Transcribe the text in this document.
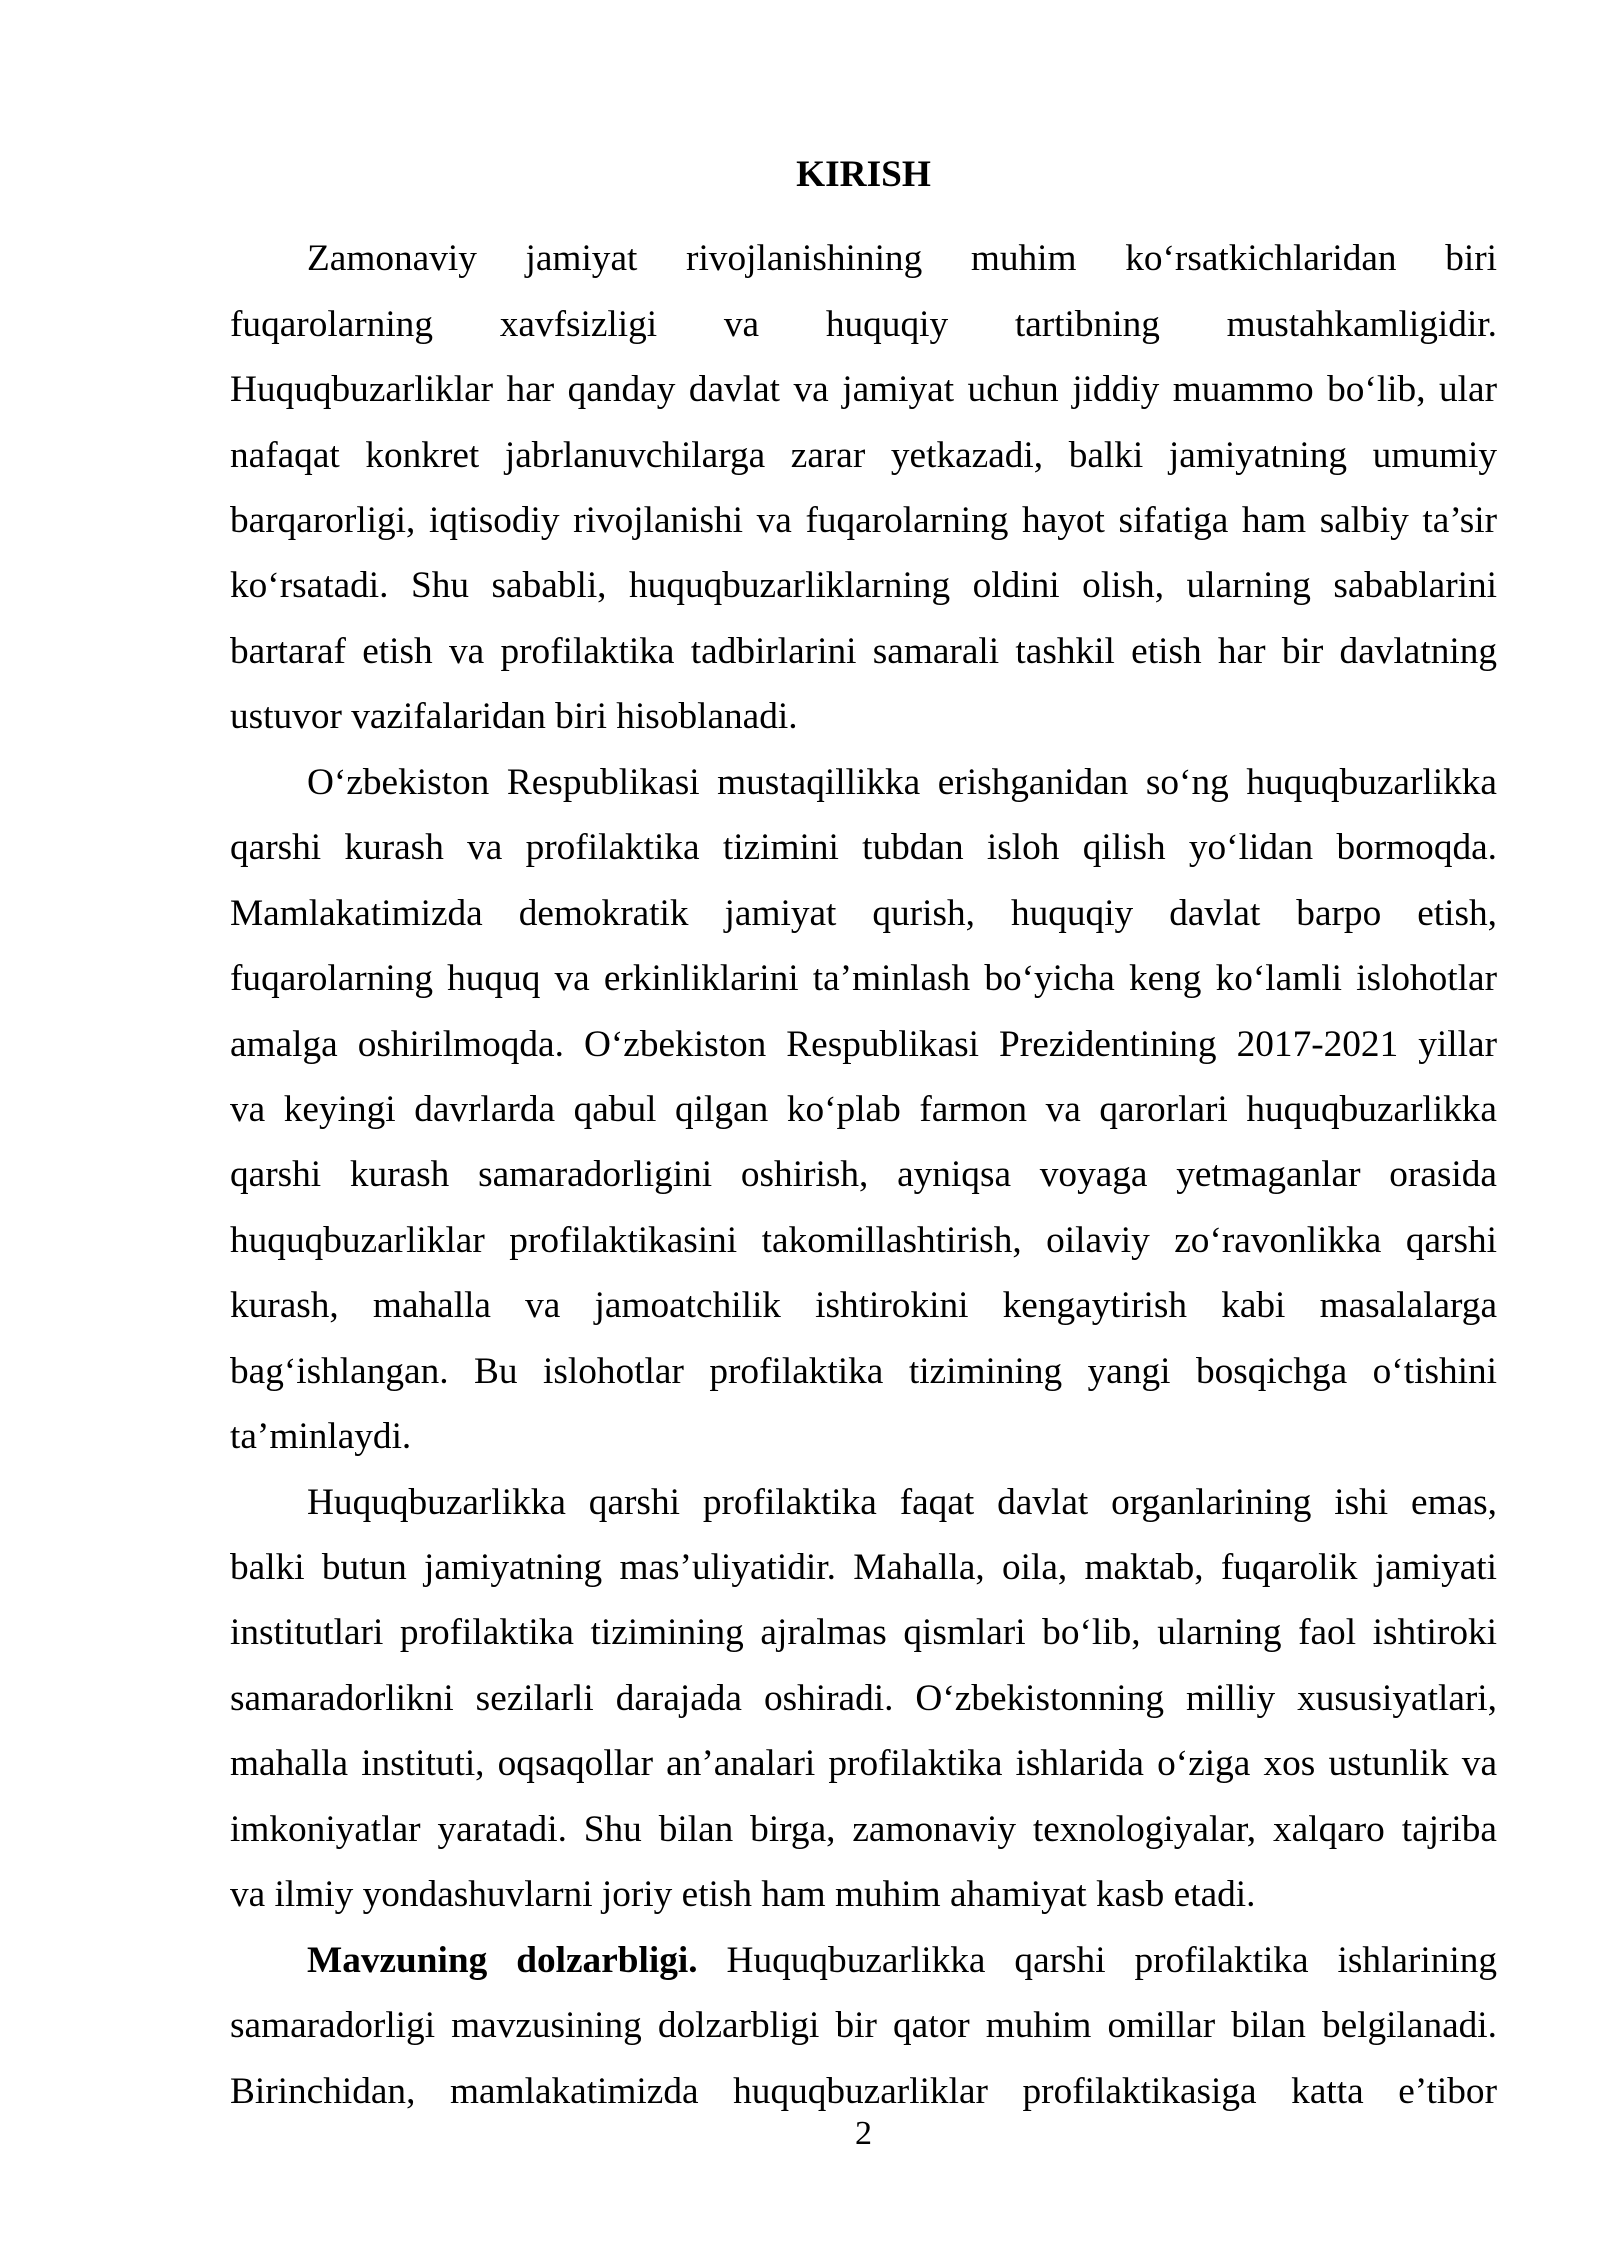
KIRISH
Zamonaviy jamiyat rivojlanishining muhim ko‘rsatkichlaridan biri
fuqarolarning xavfsizligi va huquqiy tartibning mustahkamligidir.
Huquqbuzarliklar har qanday davlat va jamiyat uchun jiddiy muammo bo‘lib, ular
nafaqat konkret jabrlanuvchilarga zarar yetkazadi, balki jamiyatning umumiy
barqarorligi, iqtisodiy rivojlanishi va fuqarolarning hayot sifatiga ham salbiy ta’sir
ko‘rsatadi. Shu sababli, huquqbuzarliklarning oldini olish, ularning sabablarini
bartaraf etish va profilaktika tadbirlarini samarali tashkil etish har bir davlatning
ustuvor vazifalaridan biri hisoblanadi.
O‘zbekiston Respublikasi mustaqillikka erishganidan so‘ng huquqbuzarlikka
qarshi kurash va profilaktika tizimini tubdan isloh qilish yo‘lidan bormoqda.
Mamlakatimizda demokratik jamiyat qurish, huquqiy davlat barpo etish,
fuqarolarning huquq va erkinliklarini ta’minlash bo‘yicha keng ko‘lamli islohotlar
amalga oshirilmoqda. O‘zbekiston Respublikasi Prezidentining 2017-2021 yillar
va keyingi davrlarda qabul qilgan ko‘plab farmon va qarorlari huquqbuzarlikka
qarshi kurash samaradorligini oshirish, ayniqsa voyaga yetmaganlar orasida
huquqbuzarliklar profilaktikasini takomillashtirish, oilaviy zo‘ravonlikka qarshi
kurash, mahalla va jamoatchilik ishtirokini kengaytirish kabi masalalarga
bag‘ishlangan. Bu islohotlar profilaktika tizimining yangi bosqichga o‘tishini
ta’minlaydi.
Huquqbuzarlikka qarshi profilaktika faqat davlat organlarining ishi emas,
balki butun jamiyatning mas’uliyatidir. Mahalla, oila, maktab, fuqarolik jamiyati
institutlari profilaktika tizimining ajralmas qismlari bo‘lib, ularning faol ishtiroki
samaradorlikni sezilarli darajada oshiradi. O‘zbekistonning milliy xususiyatlari,
mahalla instituti, oqsaqollar an’analari profilaktika ishlarida o‘ziga xos ustunlik va
imkoniyatlar yaratadi. Shu bilan birga, zamonaviy texnologiyalar, xalqaro tajriba
va ilmiy yondashuvlarni joriy etish ham muhim ahamiyat kasb etadi.
Mavzuning dolzarbligi. Huquqbuzarlikka qarshi profilaktika ishlarining
samaradorligi mavzusining dolzarbligi bir qator muhim omillar bilan belgilanadi.
Birinchidan, mamlakatimizda huquqbuzarliklar profilaktikasiga katta e’tibor
2
